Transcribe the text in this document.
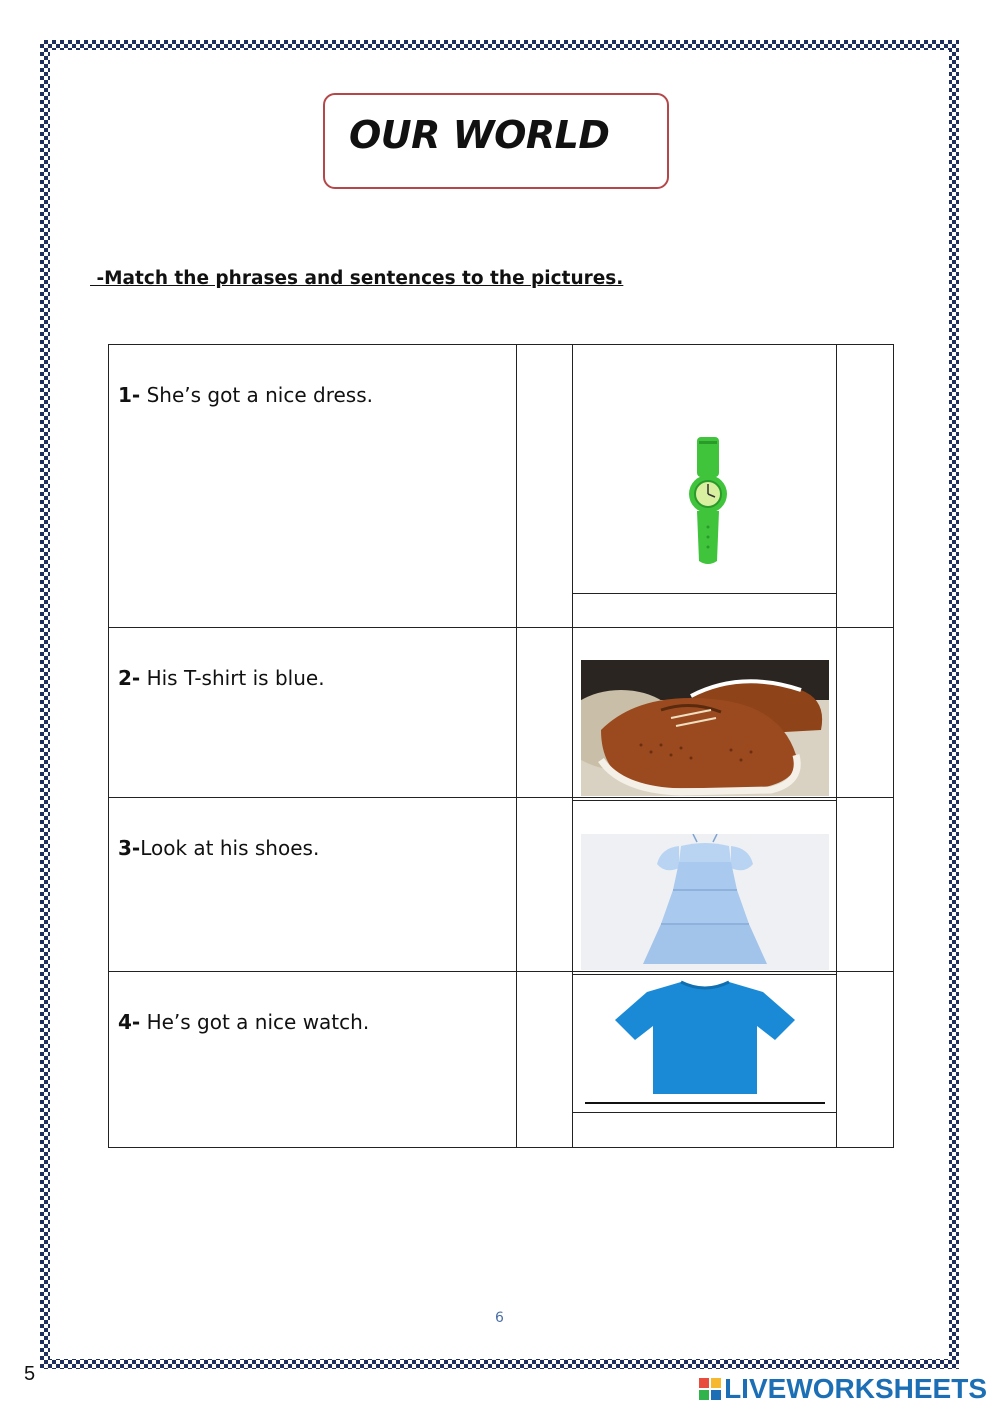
OUR WORLD
-Match the phrases and sentences to the pictures.
1- She’s got a nice dress.

2- His T-shirt is blue.

3-Look at his shoes.

4- He’s got a nice watch.

6
5	LIVEWORKSHEETS
